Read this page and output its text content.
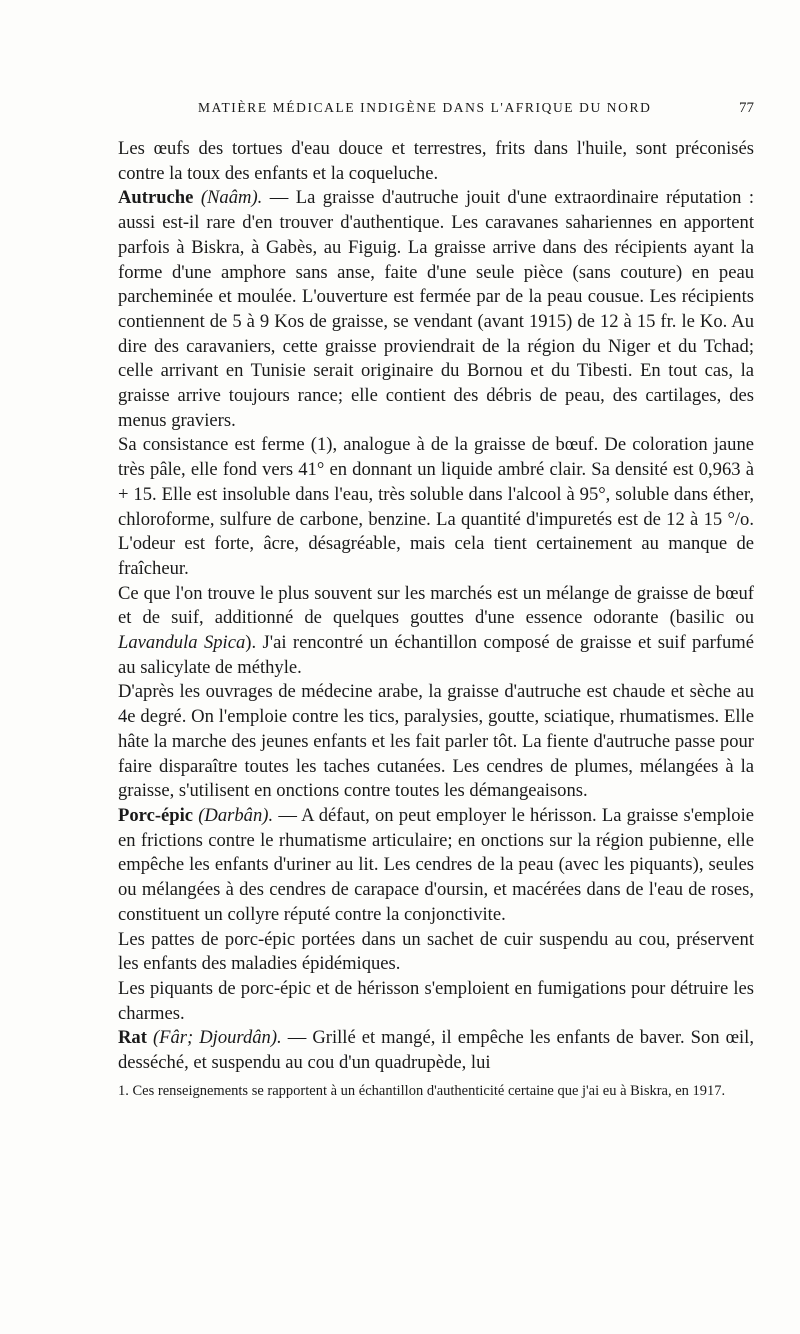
MATIÈRE MÉDICALE INDIGÈNE DANS L'AFRIQUE DU NORD	77

Les œufs des tortues d'eau douce et terrestres, frits dans l'huile, sont préconisés contre la toux des enfants et la coqueluche.

Autruche (Naâm). — La graisse d'autruche jouit d'une extraordinaire réputation : aussi est-il rare d'en trouver d'authentique. Les caravanes sahariennes en apportent parfois à Biskra, à Gabès, au Figuig. La graisse arrive dans des récipients ayant la forme d'une amphore sans anse, faite d'une seule pièce (sans couture) en peau parcheminée et moulée. L'ouverture est fermée par de la peau cousue. Les récipients contiennent de 5 à 9 Kos de graisse, se vendant (avant 1915) de 12 à 15 fr. le Ko. Au dire des caravaniers, cette graisse proviendrait de la région du Niger et du Tchad; celle arrivant en Tunisie serait originaire du Bornou et du Tibesti. En tout cas, la graisse arrive toujours rance; elle contient des débris de peau, des cartilages, des menus graviers.

Sa consistance est ferme (1), analogue à de la graisse de bœuf. De coloration jaune très pâle, elle fond vers 41° en donnant un liquide ambré clair. Sa densité est 0,963 à + 15. Elle est insoluble dans l'eau, très soluble dans l'alcool à 95°, soluble dans éther, chloroforme, sulfure de carbone, benzine. La quantité d'impuretés est de 12 à 15 °/o. L'odeur est forte, âcre, désagréable, mais cela tient certainement au manque de fraîcheur.

Ce que l'on trouve le plus souvent sur les marchés est un mélange de graisse de bœuf et de suif, additionné de quelques gouttes d'une essence odorante (basilic ou Lavandula Spica). J'ai rencontré un échantillon composé de graisse et suif parfumé au salicylate de méthyle.

D'après les ouvrages de médecine arabe, la graisse d'autruche est chaude et sèche au 4e degré. On l'emploie contre les tics, paralysies, goutte, sciatique, rhumatismes. Elle hâte la marche des jeunes enfants et les fait parler tôt. La fiente d'autruche passe pour faire disparaître toutes les taches cutanées. Les cendres de plumes, mélangées à la graisse, s'utilisent en onctions contre toutes les démangeaisons.

Porc-épic (Darbân). — A défaut, on peut employer le hérisson. La graisse s'emploie en frictions contre le rhumatisme articulaire; en onctions sur la région pubienne, elle empêche les enfants d'uriner au lit. Les cendres de la peau (avec les piquants), seules ou mélangées à des cendres de carapace d'oursin, et macérées dans de l'eau de roses, constituent un collyre réputé contre la conjonctivite.

Les pattes de porc-épic portées dans un sachet de cuir suspendu au cou, préservent les enfants des maladies épidémiques.

Les piquants de porc-épic et de hérisson s'emploient en fumigations pour détruire les charmes.

Rat (Fâr; Djourdân). — Grillé et mangé, il empêche les enfants de baver. Son œil, desséché, et suspendu au cou d'un quadrupède, lui

1. Ces renseignements se rapportent à un échantillon d'authenticité certaine que j'ai eu à Biskra, en 1917.
